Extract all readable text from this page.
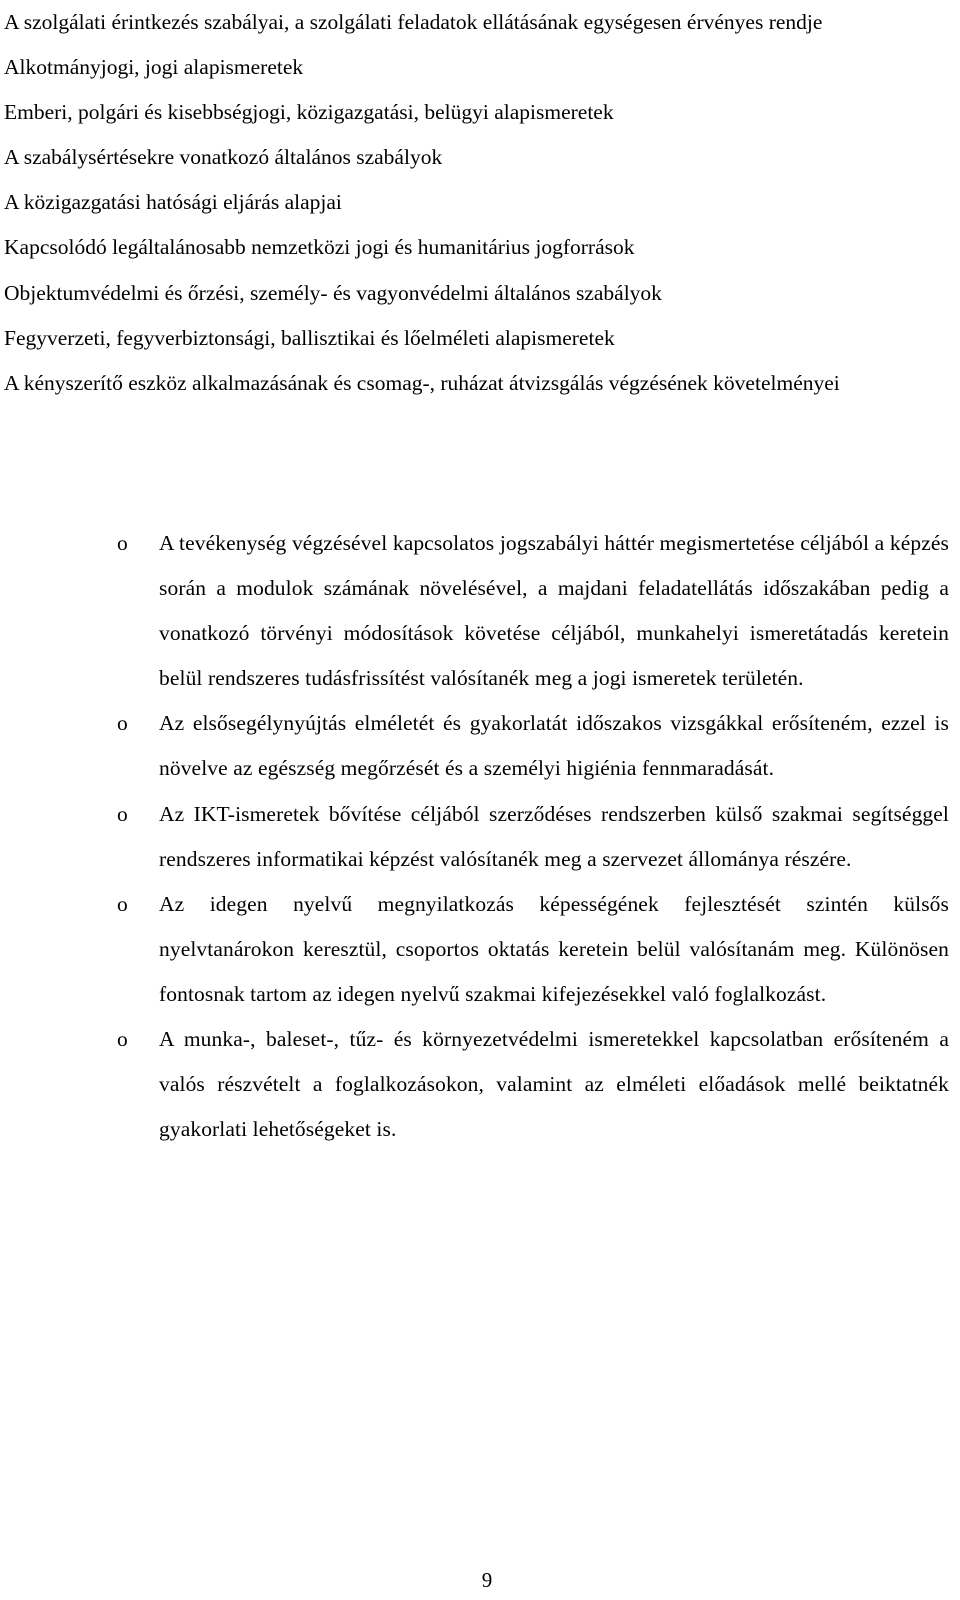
A szolgálati érintkezés szabályai, a szolgálati feladatok ellátásának egységesen érvényes rendje
Alkotmányjogi, jogi alapismeretek
Emberi, polgári és kisebbségjogi, közigazgatási, belügyi alapismeretek
A szabálysértésekre vonatkozó általános szabályok
A közigazgatási hatósági eljárás alapjai
Kapcsolódó legáltalánosabb nemzetközi jogi és humanitárius jogforrások
Objektumvédelmi és őrzési, személy- és vagyonvédelmi általános szabályok
Fegyverzeti, fegyverbiztonsági, ballisztikai és lőelméleti alapismeretek
A kényszerítő eszköz alkalmazásának és csomag-, ruházat átvizsgálás végzésének követelményei
o A tevékenység végzésével kapcsolatos jogszabályi háttér megismertetése céljából a képzés során a modulok számának növelésével, a majdani feladatellátás időszakában pedig a vonatkozó törvényi módosítások követése céljából, munkahelyi ismeretátadás keretein belül rendszeres tudásfrissítést valósítanék meg a jogi ismeretek területén.
o Az elsősegélynyújtás elméletét és gyakorlatát időszakos vizsgákkal erősíteném, ezzel is növelve az egészség megőrzését és a személyi higiénia fennmaradását.
o Az IKT-ismeretek bővítése céljából szerződéses rendszerben külső szakmai segítséggel rendszeres informatikai képzést valósítanék meg a szervezet állománya részére.
o Az idegen nyelvű megnyilatkozás képességének fejlesztését szintén külsős nyelvtanárokon keresztül, csoportos oktatás keretein belül valósítanám meg. Különösen fontosnak tartom az idegen nyelvű szakmai kifejezésekkel való foglalkozást.
o A munka-, baleset-, tűz- és környezetvédelmi ismeretekkel kapcsolatban erősíteném a valós részvételt a foglalkozásokon, valamint az elméleti előadások mellé beiktatnék gyakorlati lehetőségeket is.
9
